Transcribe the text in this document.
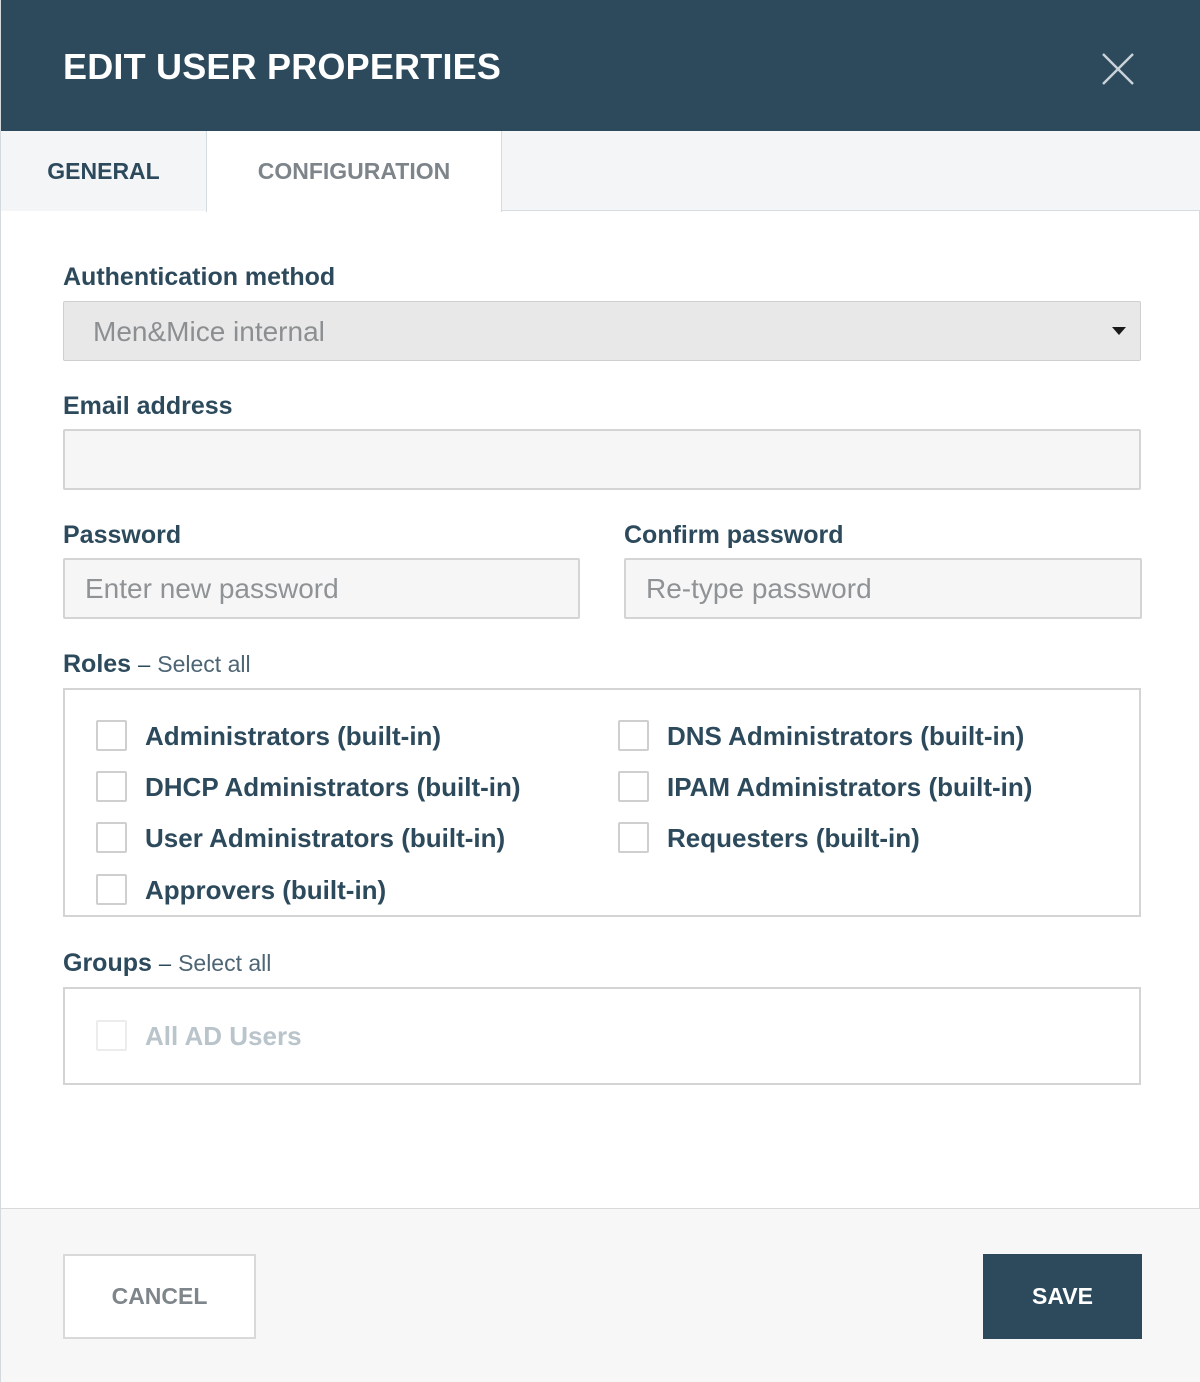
EDIT USER PROPERTIES
GENERAL	CONFIGURATION
Authentication method
Men&Mice internal
Email address
Password	Confirm password
Roles – Select all
Administrators (built-in)	DNS Administrators (built-in)
DHCP Administrators (built-in)	IPAM Administrators (built-in)
User Administrators (built-in)	Requesters (built-in)
Approvers (built-in)
Groups – Select all
All AD Users
CANCEL	SAVE
